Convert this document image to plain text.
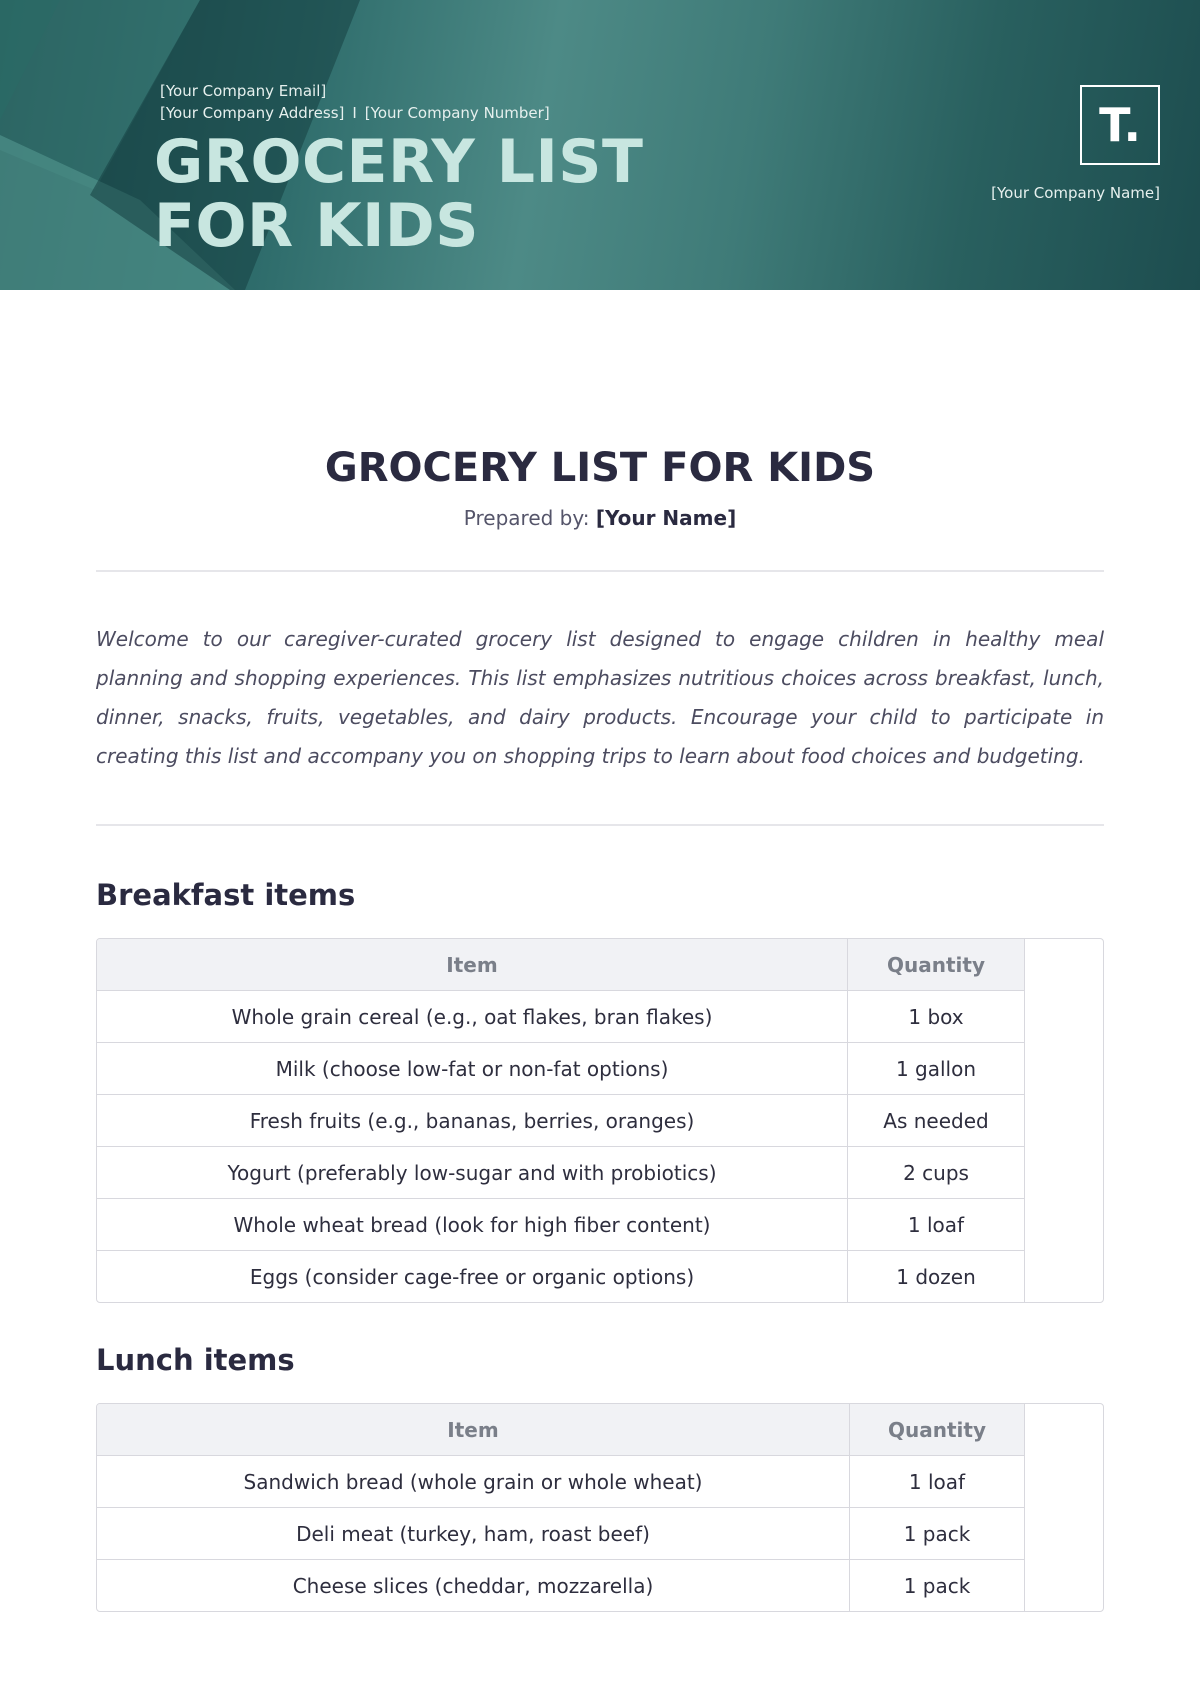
[Your Company Email]
[Your Company Address] I [Your Company Number]
GROCERY LIST
FOR KIDS
T.
[Your Company Name]
GROCERY LIST FOR KIDS
Prepared by: [Your Name]

Welcome to our caregiver-curated grocery list designed to engage children in healthy meal planning and shopping experiences. This list emphasizes nutritious choices across breakfast, lunch, dinner, snacks, fruits, vegetables, and dairy products. Encourage your child to participate in creating this list and accompany you on shopping trips to learn about food choices and budgeting.

Breakfast items
Item	Quantity
Whole grain cereal (e.g., oat flakes, bran flakes)	1 box
Milk (choose low-fat or non-fat options)	1 gallon
Fresh fruits (e.g., bananas, berries, oranges)	As needed
Yogurt (preferably low-sugar and with probiotics)	2 cups
Whole wheat bread (look for high fiber content)	1 loaf
Eggs (consider cage-free or organic options)	1 dozen
Lunch items
Item	Quantity
Sandwich bread (whole grain or whole wheat)	1 loaf
Deli meat (turkey, ham, roast beef)	1 pack
Cheese slices (cheddar, mozzarella)	1 pack
